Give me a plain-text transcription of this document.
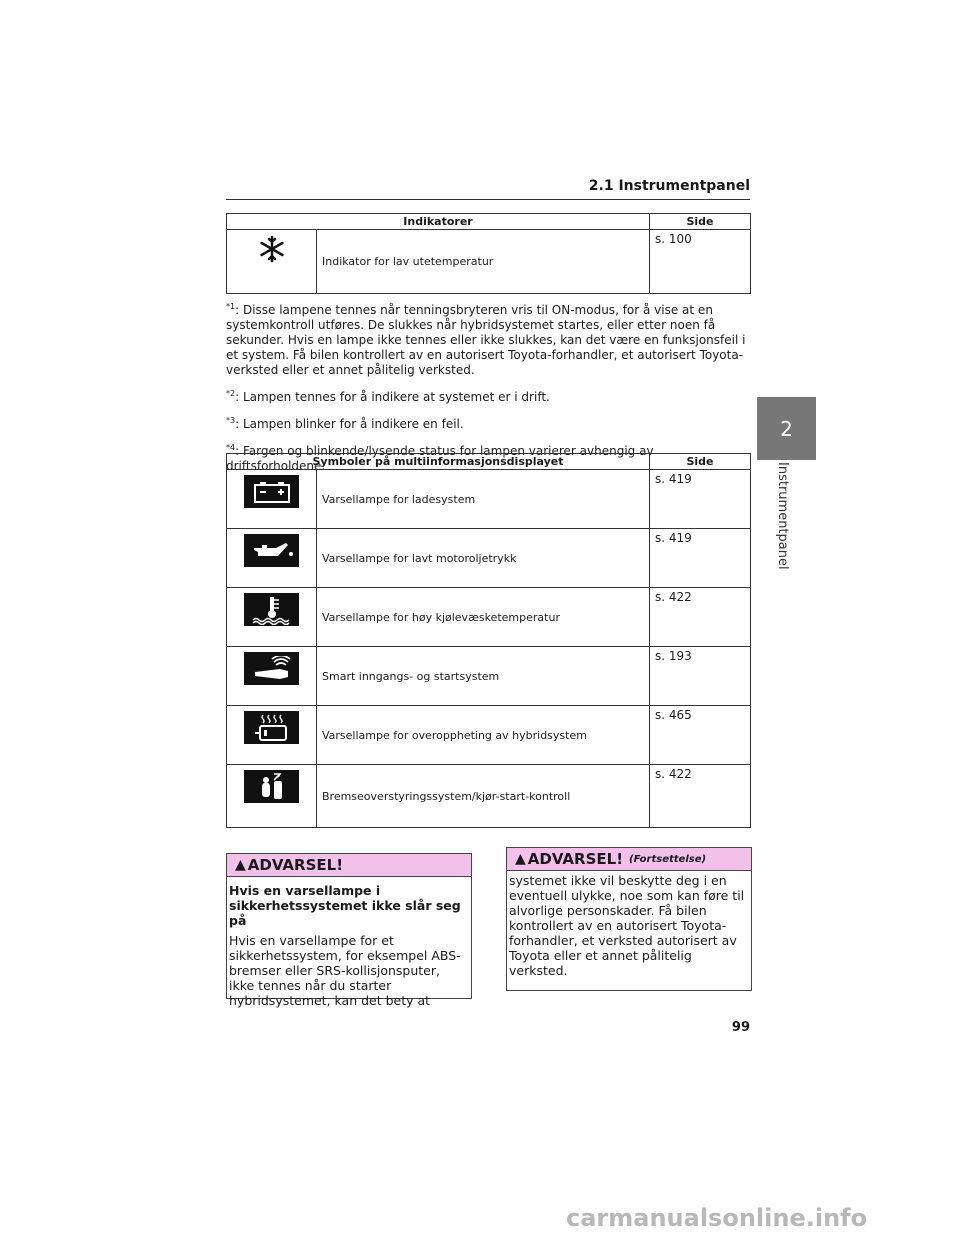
2.1 Instrumentpanel
2
Instrumentpanel
Indikatorer		Side

	Indikator for lav utetemperatur	s. 100

$^{*1}$: Disse lampene tennes når tenningsbryteren vris til ON-modus, for å vise at en systemkontroll utføres. De slukkes når hybridsystemet startes, eller etter noen få sekunder. Hvis en lampe ikke tennes eller ikke slukkes, kan det være en funksjonsfeil i et system. Få bilen kontrollert av en autorisert Toyota-forhandler, et autorisert Toyota-verksted eller et annet pålitelig verksted.

$^{*2}$: Lampen tennes for å indikere at systemet er i drift.

$^{*3}$: Lampen blinker for å indikere en feil.

$^{*4}$: Fargen og blinkende/lysende status for lampen varierer avhengig av driftsforholdene.

Symboler på multiinformasjonsdisplayet		Side

	Varsellampe for ladesystem	s. 419

	Varsellampe for lavt motoroljetrykk	s. 419

	Varsellampe for høy kjølevæsketemperatur	s. 422

	Smart inngangs- og startsystem	s. 193

	Varsellampe for overoppheting av hybridsystem	s. 465

	Bremseoverstyringssystem/kjør-start-kontroll	s. 422
▲ ADVARSEL!
Hvis en varsellampe i sikkerhetssystemet ikke slår seg på
Hvis en varsellampe for et sikkerhetssystem, for eksempel ABS-bremser eller SRS-kollisjonsputer, ikke tennes når du starter hybridsystemet, kan det bety at
▲ ADVARSEL! (Fortsettelse)
systemet ikke vil beskytte deg i en eventuell ulykke, noe som kan føre til alvorlige personskader. Få bilen kontrollert av en autorisert Toyota-forhandler, et verksted autorisert av Toyota eller et annet pålitelig verksted.
99
carmanualsonline.info
